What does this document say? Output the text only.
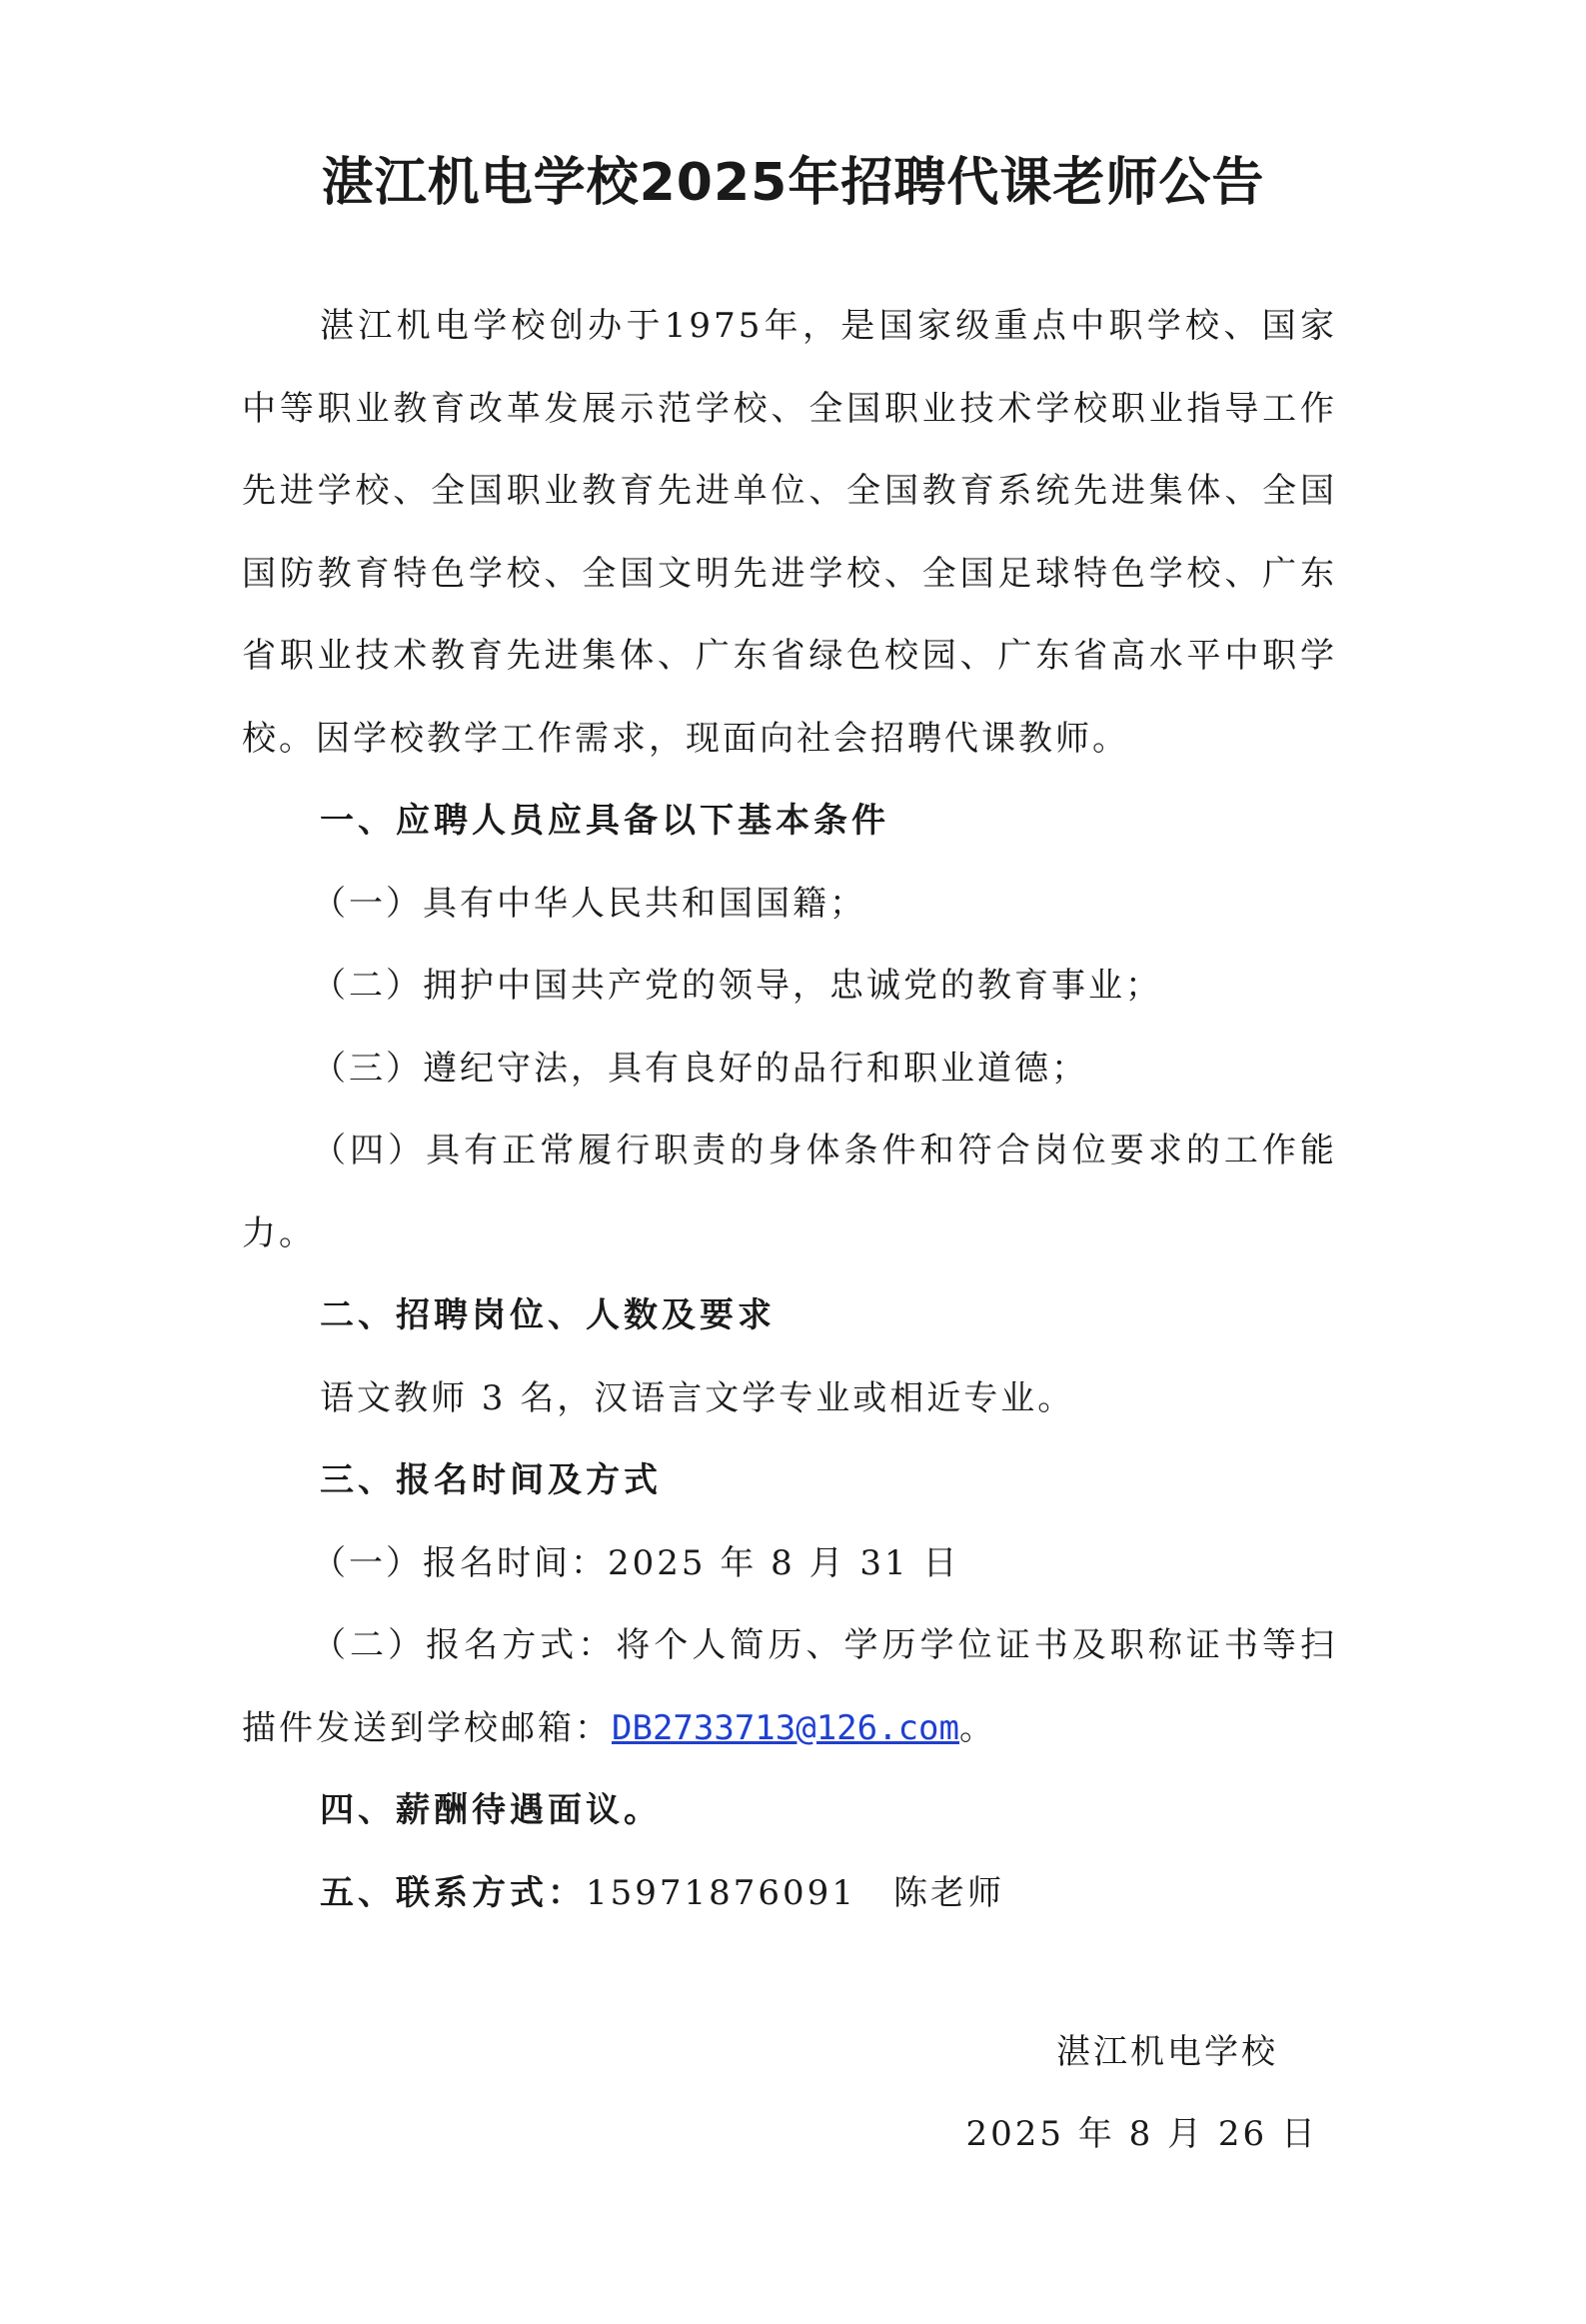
湛江机电学校2025年招聘代课老师公告

湛江机电学校创办于1975年，是国家级重点中职学校、国家中等职业教育改革发展示范学校、全国职业技术学校职业指导工作先进学校、全国职业教育先进单位、全国教育系统先进集体、全国国防教育特色学校、全国文明先进学校、全国足球特色学校、广东省职业技术教育先进集体、广东省绿色校园、广东省高水平中职学校。因学校教学工作需求，现面向社会招聘代课教师。

一、应聘人员应具备以下基本条件

（一）具有中华人民共和国国籍；

（二）拥护中国共产党的领导，忠诚党的教育事业；

（三）遵纪守法，具有良好的品行和职业道德；

（四）具有正常履行职责的身体条件和符合岗位要求的工作能力。

二、招聘岗位、人数及要求

语文教师 3 名，汉语言文学专业或相近专业。

三、报名时间及方式

（一）报名时间：2025 年 8 月 31 日

（二）报名方式：将个人简历、学历学位证书及职称证书等扫描件发送到学校邮箱：DB2733713@126.com。

四、薪酬待遇面议。

五、联系方式：15971876091　陈老师

湛江机电学校
2025 年 8 月 26 日
